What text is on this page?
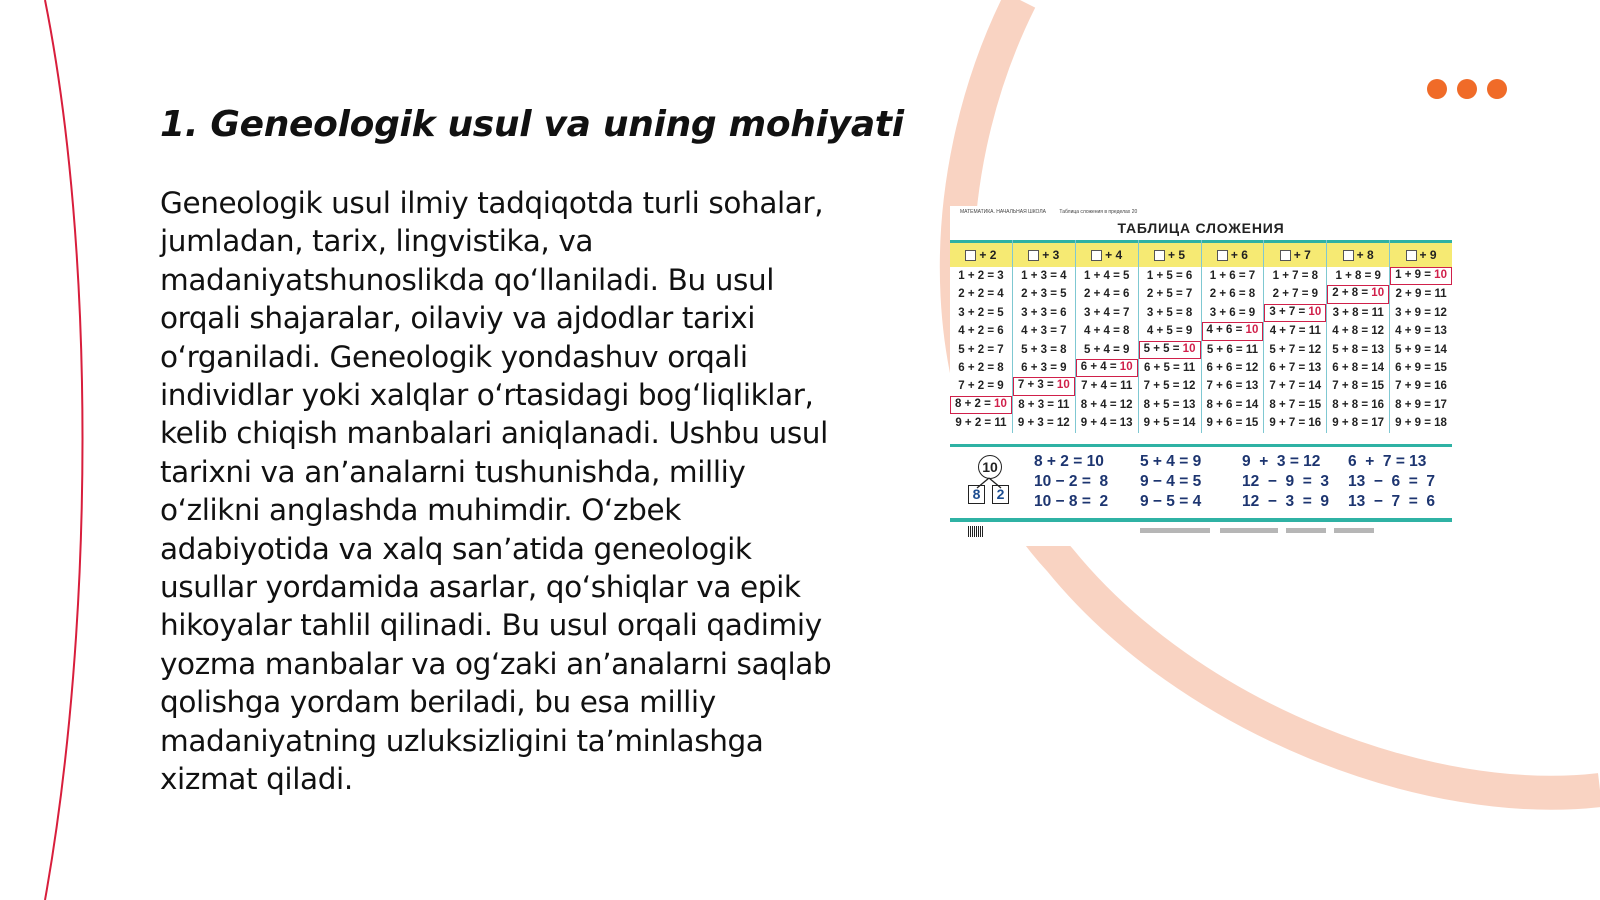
1. Geneologik usul va uning mohiyati

Geneologik usul ilmiy tadqiqotda turli sohalar, jumladan, tarix, lingvistika, va madaniyatshunoslikda qo‘llaniladi. Bu usul orqali shajaralar, oilaviy va ajdodlar tarixi o‘rganiladi. Geneologik yondashuv orqali individlar yoki xalqlar o‘rtasidagi bog‘liqliklar, kelib chiqish manbalari aniqlanadi. Ushbu usul tarixni va an’analarni tushunishda, milliy o‘zlikni anglashda muhimdir. O‘zbek adabiyotida va xalq san’atida geneologik usullar yordamida asarlar, qo‘shiqlar va epik hikoyalar tahlil qilinadi. Bu usul orqali qadimiy yozma manbalar va og‘zaki an’analarni saqlab qolishga yordam beriladi, bu esa milliy madaniyatning uzluksizligini ta’minlashga xizmat qiladi.

МАТЕМАТИКА. НАЧАЛЬНАЯ ШКОЛА	Таблица сложения в пределах 20
ТАБЛИЦА СЛОЖЕНИЯ
+ 2
1 + 2 = 3
2 + 2 = 4
3 + 2 = 5
4 + 2 = 6
5 + 2 = 7
6 + 2 = 8
7 + 2 = 9
8 + 2 = 10
9 + 2 = 11
+ 3
1 + 3 = 4
2 + 3 = 5
3 + 3 = 6
4 + 3 = 7
5 + 3 = 8
6 + 3 = 9
7 + 3 = 10
8 + 3 = 11
9 + 3 = 12
+ 4
1 + 4 = 5
2 + 4 = 6
3 + 4 = 7
4 + 4 = 8
5 + 4 = 9
6 + 4 = 10
7 + 4 = 11
8 + 4 = 12
9 + 4 = 13
+ 5
1 + 5 = 6
2 + 5 = 7
3 + 5 = 8
4 + 5 = 9
5 + 5 = 10
6 + 5 = 11
7 + 5 = 12
8 + 5 = 13
9 + 5 = 14
+ 6
1 + 6 = 7
2 + 6 = 8
3 + 6 = 9
4 + 6 = 10
5 + 6 = 11
6 + 6 = 12
7 + 6 = 13
8 + 6 = 14
9 + 6 = 15
+ 7
1 + 7 = 8
2 + 7 = 9
3 + 7 = 10
4 + 7 = 11
5 + 7 = 12
6 + 7 = 13
7 + 7 = 14
8 + 7 = 15
9 + 7 = 16
+ 8
1 + 8 = 9
2 + 8 = 10
3 + 8 = 11
4 + 8 = 12
5 + 8 = 13
6 + 8 = 14
7 + 8 = 15
8 + 8 = 16
9 + 8 = 17
+ 9
1 + 9 = 10
2 + 9 = 11
3 + 9 = 12
4 + 9 = 13
5 + 9 = 14
6 + 9 = 15
7 + 9 = 16
8 + 9 = 17
9 + 9 = 18
10
8	2
8 + 2 = 10
10 − 2 =  8
10 − 8 =  2
5 + 4 = 9
9 − 4 = 5
9 − 5 = 4
9  +  3 = 12
12  −  9  =  3
12  −  3  =  9
6  +  7 = 13
13  −  6  =  7
13  −  7  =  6
